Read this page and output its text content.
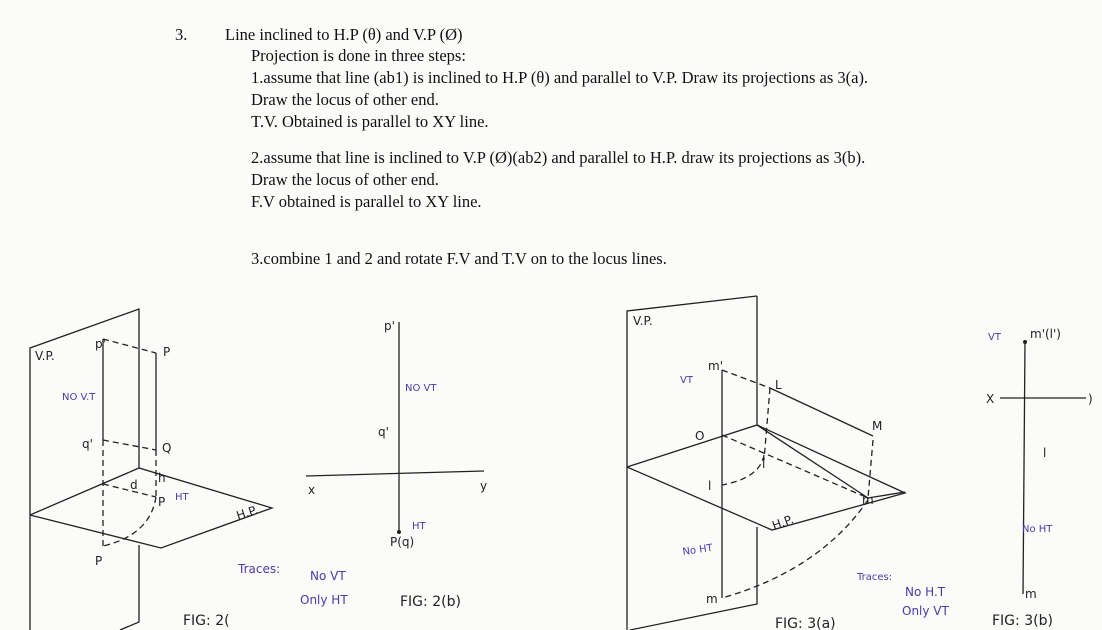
3. Line inclined to H.P (θ) and V.P (Ø)
Projection is done in three steps:
1.assume that line (ab1) is inclined to H.P (θ) and parallel to V.P. Draw its projections as 3(a).
Draw the locus of other end.
T.V. Obtained is parallel to XY line.
2.assume that line is inclined to V.P (Ø)(ab2) and parallel to H.P. draw its projections as 3(b).
Draw the locus of other end.
F.V obtained is parallel to XY line.
3.combine 1 and 2 and rotate F.V and T.V on to the locus lines.
V.P.
p'
P
NO V.T
q'	Q
h
d
P HT
H.P.
P
FIG: 2(
p'
NO VT
q'
x	y
HT
P(q)
Traces: No VT
Only HT	FIG: 2(b)
V.P.
VT
m'
L
M
O
l
l
m
H.P.
No HT
m
Traces:
No H.T
Only VT
FIG: 3(a)
VT m'(l')
X	)
l
No HT
m
FIG: 3(b)
